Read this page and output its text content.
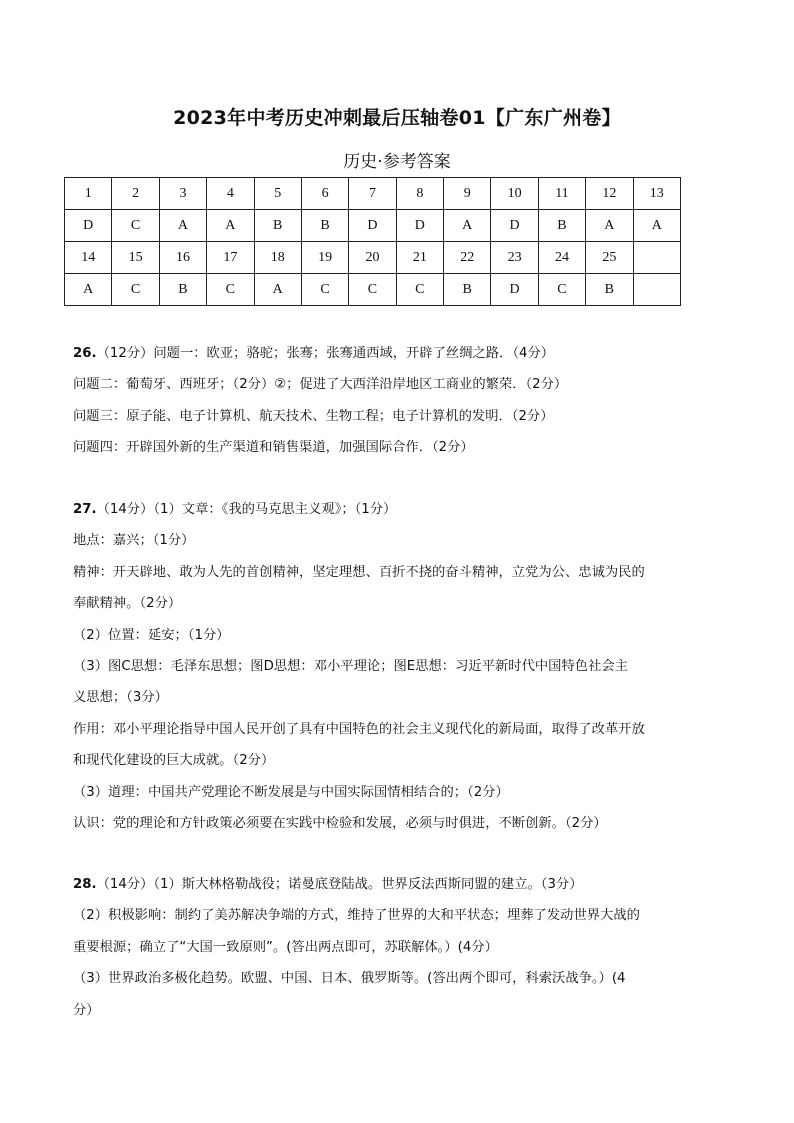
2023年中考历史冲刺最后压轴卷01【广东广州卷】
历史·参考答案
1	2	3	4	5	6	7	8	9	10	11	12	13
D	C	A	A	B	B	D	D	A	D	B	A	A
14	15	16	17	18	19	20	21	22	23	24	25	
A	C	B	C	A	C	C	C	B	D	C	B	

26.（12分）问题一：欧亚；骆驼；张骞；张骞通西域，开辟了丝绸之路．（4分）

问题二：葡萄牙、西班牙；（2分）②；促进了大西洋沿岸地区工商业的繁荣．（2分）

问题三：原子能、电子计算机、航天技术、生物工程；电子计算机的发明．（2分）

问题四：开辟国外新的生产渠道和销售渠道，加强国际合作．（2分）

27.（14分）（1）文章：《我的马克思主义观》；（1分）

地点：嘉兴；（1分）

精神：开天辟地、敢为人先的首创精神，坚定理想、百折不挠的奋斗精神，立党为公、忠诚为民的

奉献精神。（2分）

（2）位置：延安；（1分）

（3）图C思想：毛泽东思想；图D思想：邓小平理论；图E思想：习近平新时代中国特色社会主

义思想；（3分）

作用：邓小平理论指导中国人民开创了具有中国特色的社会主义现代化的新局面，取得了改革开放

和现代化建设的巨大成就。（2分）

（3）道理：中国共产党理论不断发展是与中国实际国情相结合的；（2分）

认识：党的理论和方针政策必须要在实践中检验和发展，必须与时俱进，不断创新。（2分）

28.（14分）（1）斯大林格勒战役；诺曼底登陆战。世界反法西斯同盟的建立。（3分）

（2）积极影响：制约了美苏解决争端的方式，维持了世界的大和平状态；埋葬了发动世界大战的

重要根源；确立了“大国一致原则”。(答出两点即可，苏联解体。）(4分）

（3）世界政治多极化趋势。欧盟、中国、日本、俄罗斯等。(答出两个即可，科索沃战争。）(4

分）
